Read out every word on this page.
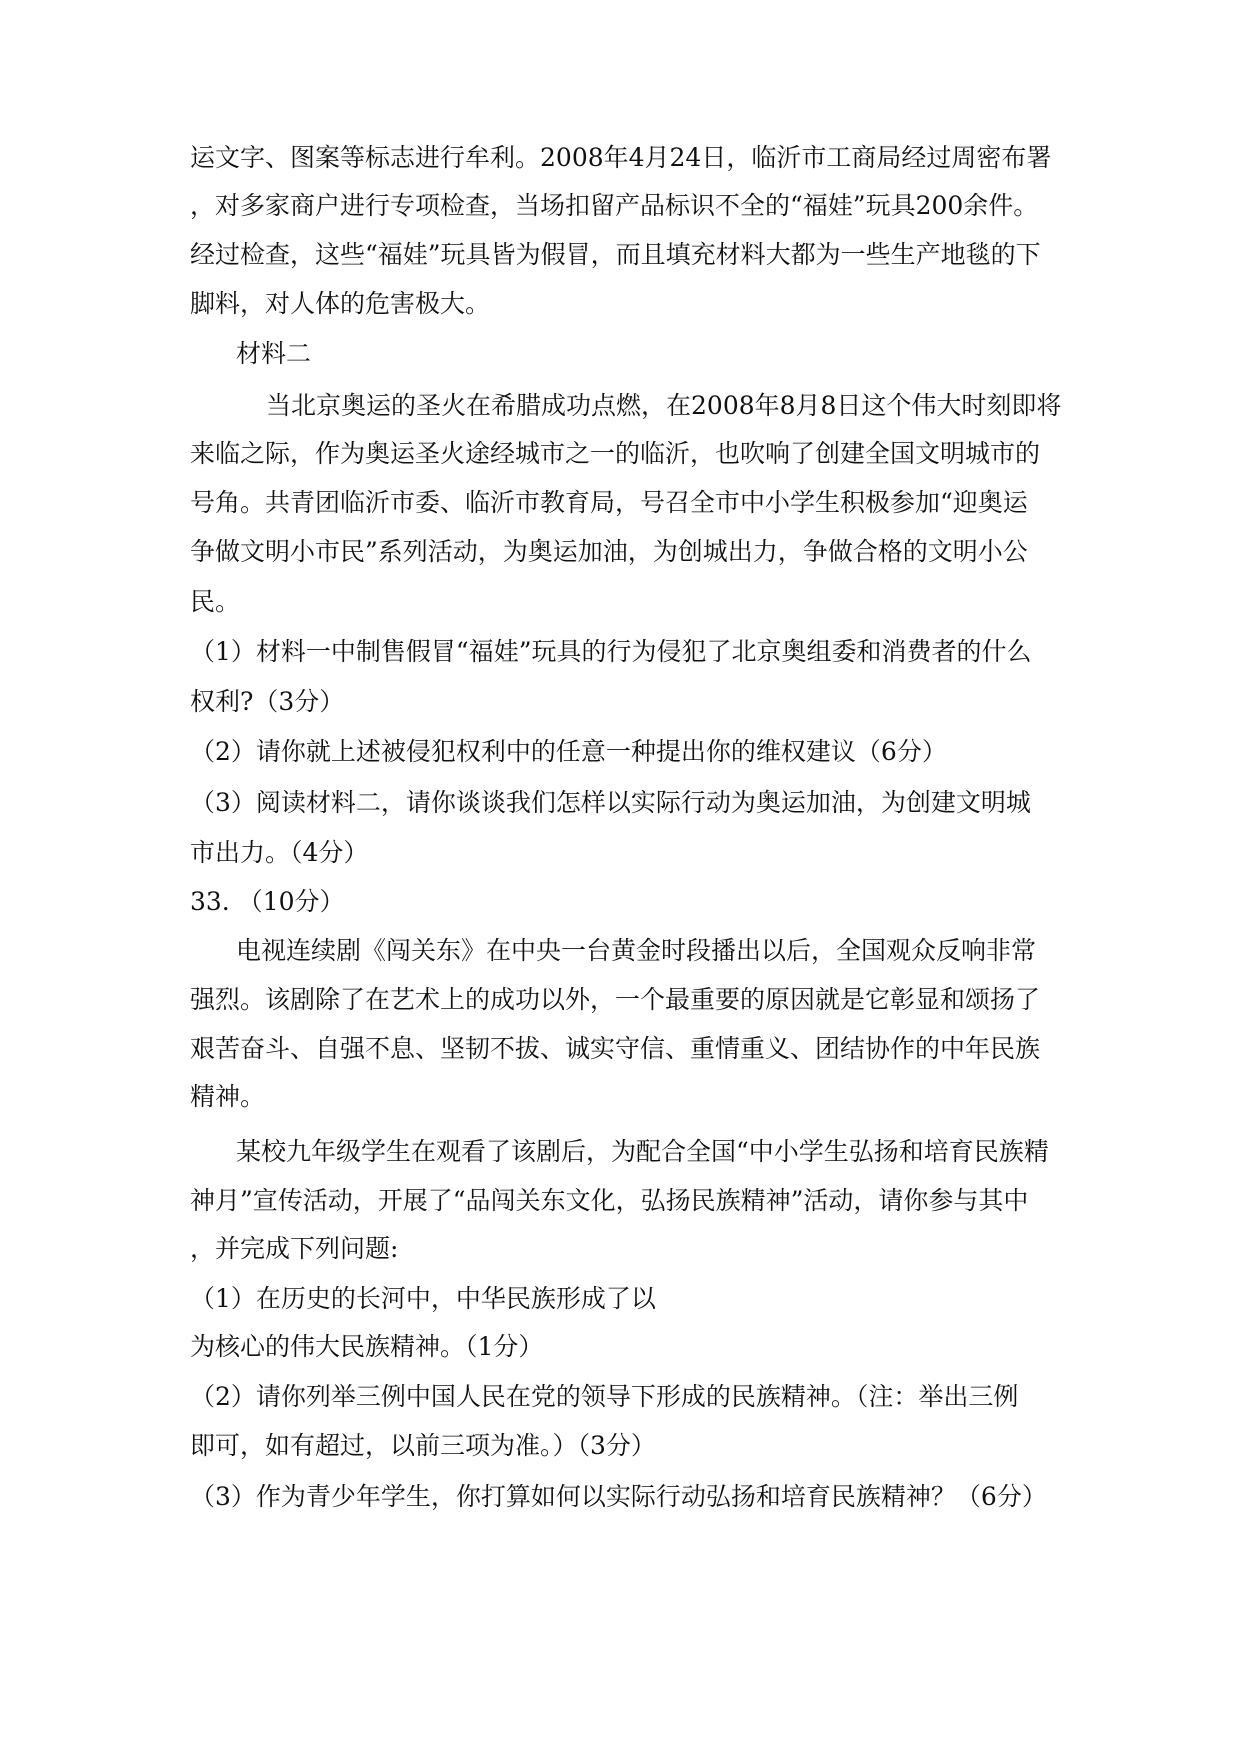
运文字、图案等标志进行牟利。2008年4月24日，临沂市工商局经过周密布署
，对多家商户进行专项检查，当场扣留产品标识不全的“福娃”玩具200余件。
经过检查，这些“福娃”玩具皆为假冒，而且填充材料大都为一些生产地毯的下
脚料，对人体的危害极大。
材料二
当北京奥运的圣火在希腊成功点燃，在2008年8月8日这个伟大时刻即将
来临之际，作为奥运圣火途经城市之一的临沂，也吹响了创建全国文明城市的
号角。共青团临沂市委、临沂市教育局，号召全市中小学生积极参加“迎奥运
争做文明小市民”系列活动，为奥运加油，为创城出力，争做合格的文明小公
民。
（1）材料一中制售假冒“福娃”玩具的行为侵犯了北京奥组委和消费者的什么
权利?（3分）
（2）请你就上述被侵犯权利中的任意一种提出你的维权建议（6分）
（3）阅读材料二，请你谈谈我们怎样以实际行动为奥运加油，为创建文明城
市出力。（4分）
33. （10分）
电视连续剧《闯关东》在中央一台黄金时段播出以后，全国观众反响非常
强烈。该剧除了在艺术上的成功以外，一个最重要的原因就是它彰显和颂扬了
艰苦奋斗、自强不息、坚韧不拔、诚实守信、重情重义、团结协作的中年民族
精神。
某校九年级学生在观看了该剧后，为配合全国“中小学生弘扬和培育民族精
神月”宣传活动，开展了“品闯关东文化，弘扬民族精神”活动，请你参与其中
，并完成下列问题:
（1）在历史的长河中，中华民族形成了以
为核心的伟大民族精神。（1分）
（2）请你列举三例中国人民在党的领导下形成的民族精神。（注：举出三例
即可，如有超过，以前三项为准。）（3分）
（3）作为青少年学生，你打算如何以实际行动弘扬和培育民族精神？（6分）
